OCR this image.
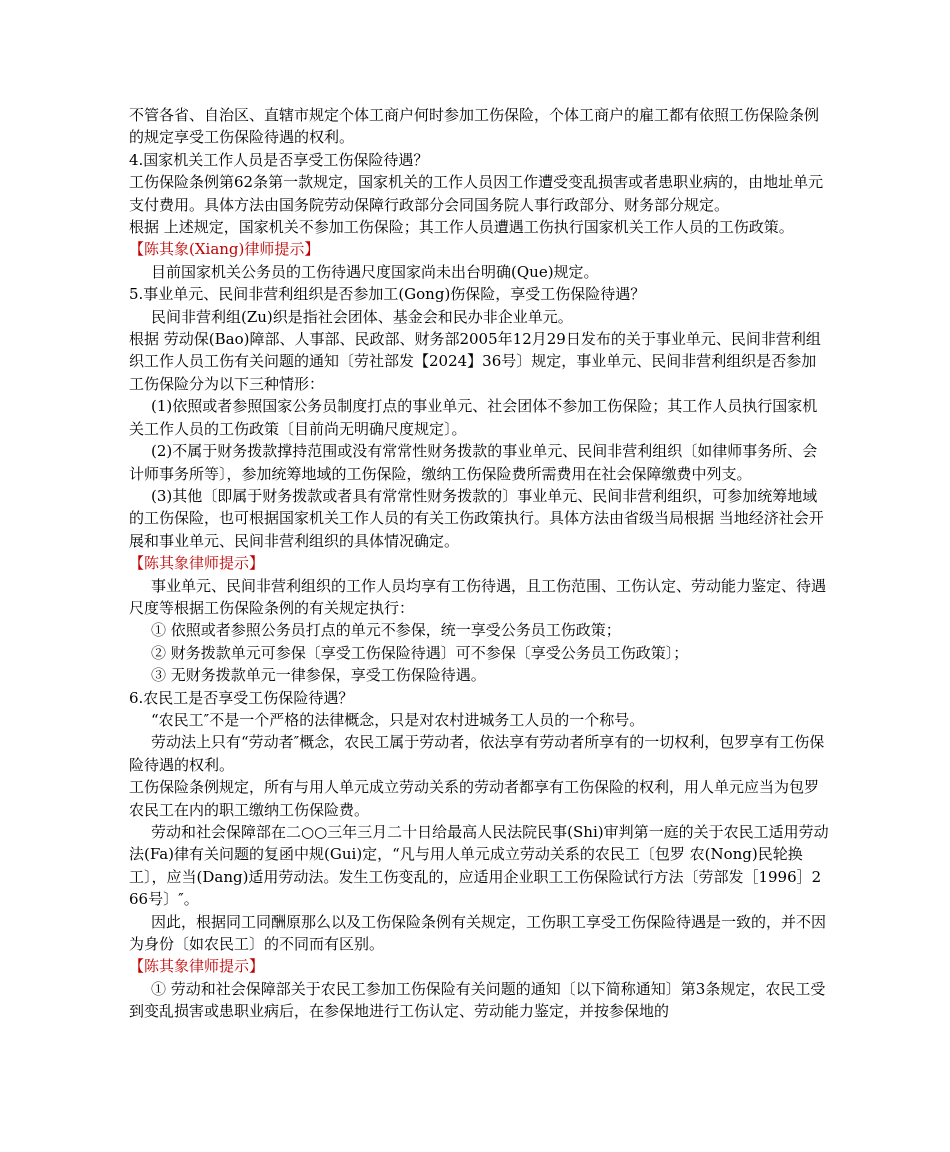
不管各省、自治区、直辖市规定个体工商户何时参加工伤保险，个体工商户的雇工都有依照工伤保险条例的规定享受工伤保险待遇的权利。

4.国家机关工作人员是否享受工伤保险待遇？

工伤保险条例第62条第一款规定，国家机关的工作人员因工作遭受变乱损害或者患职业病的，由地址单元支付费用。具体方法由国务院劳动保障行政部分会同国务院人事行政部分、财务部分规定。

根据 上述规定，国家机关不参加工伤保险；其工作人员遭遇工伤执行国家机关工作人员的工伤政策。

【陈其象(Xiang)律师提示】

目前国家机关公务员的工伤待遇尺度国家尚未出台明确(Que)规定。

5.事业单元、民间非营利组织是否参加工(Gong)伤保险，享受工伤保险待遇？

民间非营利组(Zu)织是指社会团体、基金会和民办非企业单元。

根据 劳动保(Bao)障部、人事部、民政部、财务部2005年12月29日发布的关于事业单元、民间非营利组织工作人员工伤有关问题的通知〔劳社部发【2024】36号〕规定，事业单元、民间非营利组织是否参加工伤保险分为以下三种情形：

(1)依照或者参照国家公务员制度打点的事业单元、社会团体不参加工伤保险；其工作人员执行国家机关工作人员的工伤政策〔目前尚无明确尺度规定〕。

(2)不属于财务拨款撑持范围或没有常常性财务拨款的事业单元、民间非营利组织〔如律师事务所、会计师事务所等〕，参加统筹地域的工伤保险，缴纳工伤保险费所需费用在社会保障缴费中列支。

(3)其他〔即属于财务拨款或者具有常常性财务拨款的〕事业单元、民间非营利组织，可参加统筹地域的工伤保险，也可根据国家机关工作人员的有关工伤政策执行。具体方法由省级当局根据 当地经济社会开展和事业单元、民间非营利组织的具体情况确定。

【陈其象律师提示】

事业单元、民间非营利组织的工作人员均享有工伤待遇，且工伤范围、工伤认定、劳动能力鉴定、待遇尺度等根据工伤保险条例的有关规定执行：

① 依照或者参照公务员打点的单元不参保，统一享受公务员工伤政策；

② 财务拨款单元可参保〔享受工伤保险待遇〕可不参保〔享受公务员工伤政策〕；

③ 无财务拨款单元一律参保，享受工伤保险待遇。

6.农民工是否享受工伤保险待遇？

“农民工″不是一个严格的法律概念，只是对农村进城务工人员的一个称号。

劳动法上只有“劳动者″概念，农民工属于劳动者，依法享有劳动者所享有的一切权利，包罗享有工伤保险待遇的权利。

工伤保险条例规定，所有与用人单元成立劳动关系的劳动者都享有工伤保险的权利，用人单元应当为包罗 农民工在内的职工缴纳工伤保险费。

劳动和社会保障部在二○○三年三月二十日给最高人民法院民事(Shi)审判第一庭的关于农民工适用劳动法(Fa)律有关问题的复函中规(Gui)定，“凡与用人单元成立劳动关系的农民工〔包罗 农(Nong)民轮换工〕，应当(Dang)适用劳动法。发生工伤变乱的，应适用企业职工工伤保险试行方法〔劳部发［1996］266号〕″。

因此，根据同工同酬原那么以及工伤保险条例有关规定，工伤职工享受工伤保险待遇是一致的，并不因为身份〔如农民工〕的不同而有区别。

【陈其象律师提示】

① 劳动和社会保障部关于农民工参加工伤保险有关问题的通知〔以下简称通知〕第3条规定，农民工受到变乱损害或患职业病后，在参保地进行工伤认定、劳动能力鉴定，并按参保地的
